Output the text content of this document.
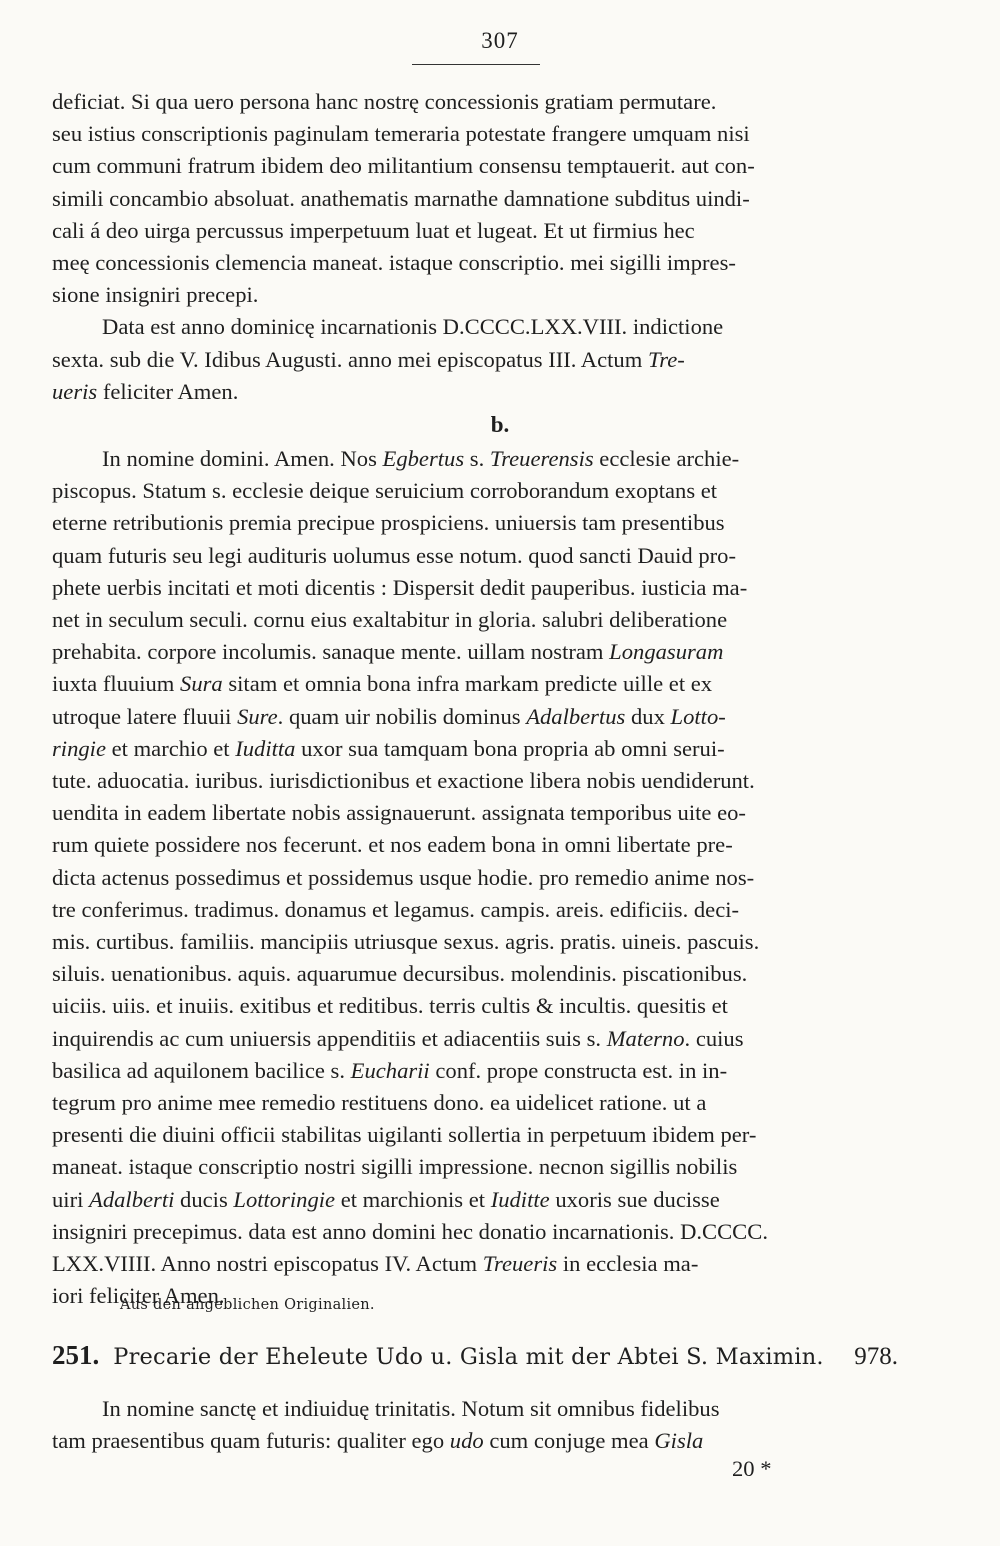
307

deficiat. Si qua uero persona hanc nostrę concessionis gratiam permutare.

seu istius conscriptionis paginulam temeraria potestate frangere umquam nisi

cum communi fratrum ibidem deo militantium consensu temptauerit. aut con-

simili concambio absoluat. anathematis marnathe damnatione subditus uindi-

cali á deo uirga percussus imperpetuum luat et lugeat. Et ut firmius hec

meę concessionis clemencia maneat. istaque conscriptio. mei sigilli impres-

sione insigniri precepi.

Data est anno dominicę incarnationis D.CCCC.LXX.VIII. indictione

sexta. sub die V. Idibus Augusti. anno mei episcopatus III. Actum Tre-

ueris feliciter Amen.

b.

In nomine domini. Amen. Nos Egbertus s. Treuerensis ecclesie archie-

piscopus. Statum s. ecclesie deique seruicium corroborandum exoptans et

eterne retributionis premia precipue prospiciens. uniuersis tam presentibus

quam futuris seu legi audituris uolumus esse notum. quod sancti Dauid pro-

phete uerbis incitati et moti dicentis : Dispersit dedit pauperibus. iusticia ma-

net in seculum seculi. cornu eius exaltabitur in gloria. salubri deliberatione

prehabita. corpore incolumis. sanaque mente. uillam nostram Longasuram

iuxta fluuium Sura sitam et omnia bona infra markam predicte uille et ex

utroque latere fluuii Sure. quam uir nobilis dominus Adalbertus dux Lotto-

ringie et marchio et Iuditta uxor sua tamquam bona propria ab omni serui-

tute. aduocatia. iuribus. iurisdictionibus et exactione libera nobis uendiderunt.

uendita in eadem libertate nobis assignauerunt. assignata temporibus uite eo-

rum quiete possidere nos fecerunt. et nos eadem bona in omni libertate pre-

dicta actenus possedimus et possidemus usque hodie. pro remedio anime nos-

tre conferimus. tradimus. donamus et legamus. campis. areis. edificiis. deci-

mis. curtibus. familiis. mancipiis utriusque sexus. agris. pratis. uineis. pascuis.

siluis. uenationibus. aquis. aquarumue decursibus. molendinis. piscationibus.

uiciis. uiis. et inuiis. exitibus et reditibus. terris cultis & incultis. quesitis et

inquirendis ac cum uniuersis appenditiis et adiacentiis suis s. Materno. cuius

basilica ad aquilonem bacilice s. Eucharii conf. prope constructa est. in in-

tegrum pro anime mee remedio restituens dono. ea uidelicet ratione. ut a

presenti die diuini officii stabilitas uigilanti sollertia in perpetuum ibidem per-

maneat. istaque conscriptio nostri sigilli impressione. necnon sigillis nobilis

uiri Adalberti ducis Lottoringie et marchionis et Iuditte uxoris sue ducisse

insigniri precepimus. data est anno domini hec donatio incarnationis. D.CCCC.

LXX.VIIII. Anno nostri episcopatus IV. Actum Treueris in ecclesia ma-

iori feliciter Amen.

Aus den angeblichen Originalien.
251. Precarie der Eheleute Udo u. Gisla mit der Abtei S. Maximin.	978.

In nomine sanctę et indiuiduę trinitatis. Notum sit omnibus fidelibus

tam praesentibus quam futuris: qualiter ego udo cum conjuge mea Gisla

20 *
